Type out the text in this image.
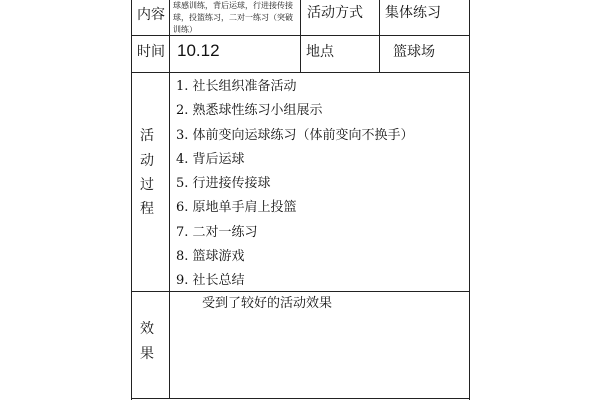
内容
球感训练，背后运球，行进接传接球，投篮练习，二对一练习（突破训练）
活动方式 集体练习
时间 10.12	地点	篮球场
活
动
过
程
1. 社长组织准备活动
2. 熟悉球性练习小组展示
3. 体前变向运球练习（体前变向不换手）
4. 背后运球
5. 行进接传接球
6. 原地单手肩上投篮
7. 二对一练习
8. 篮球游戏
9. 社长总结
效
果
受到了较好的活动效果
